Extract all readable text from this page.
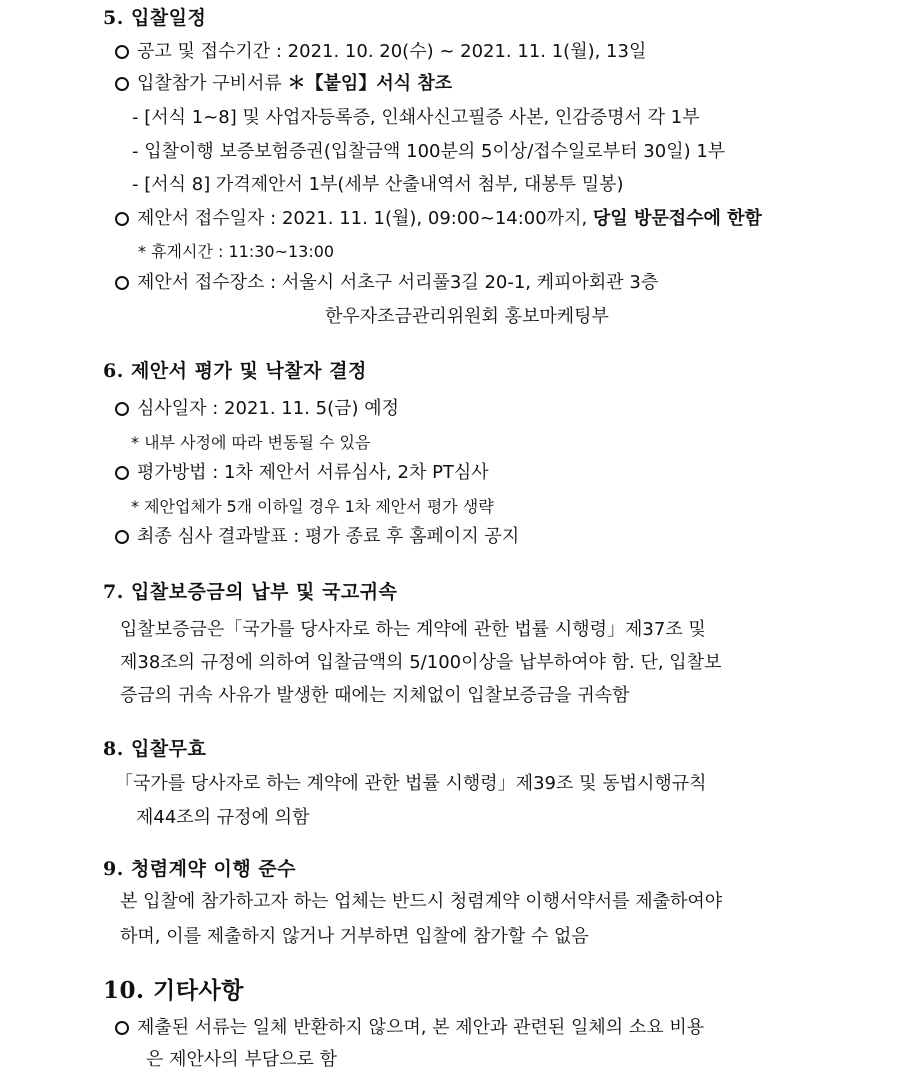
5. 입찰일정
공고 및 접수기간 : 2021. 10. 20(수) ~ 2021. 11. 1(월), 13일
입찰참가 구비서류 ＊【붙임】서식 참조
- [서식 1~8] 및 사업자등록증, 인쇄사신고필증 사본, 인감증명서 각 1부
- 입찰이행 보증보험증권(입찰금액 100분의 5이상/접수일로부터 30일) 1부
- [서식 8] 가격제안서 1부(세부 산출내역서 첨부, 대봉투 밀봉)
제안서 접수일자 : 2021. 11. 1(월), 09:00~14:00까지, 당일 방문접수에 한함
* 휴게시간 : 11:30~13:00
제안서 접수장소 : 서울시 서초구 서리풀3길 20-1, 케피아회관 3층
한우자조금관리위원회 홍보마케팅부
6. 제안서 평가 및 낙찰자 결정
심사일자 : 2021. 11. 5(금) 예정
* 내부 사정에 따라 변동될 수 있음
평가방법 : 1차 제안서 서류심사, 2차 PT심사
* 제안업체가 5개 이하일 경우 1차 제안서 평가 생략
최종 심사 결과발표 : 평가 종료 후 홈페이지 공지
7. 입찰보증금의 납부 및 국고귀속
입찰보증금은「국가를 당사자로 하는 계약에 관한 법률 시행령」제37조 및
제38조의 규정에 의하여 입찰금액의 5/100이상을 납부하여야 함. 단, 입찰보
증금의 귀속 사유가 발생한 때에는 지체없이 입찰보증금을 귀속함
8. 입찰무효
「국가를 당사자로 하는 계약에 관한 법률 시행령」제39조 및 동법시행규칙
제44조의 규정에 의함
9. 청렴계약 이행 준수
본 입찰에 참가하고자 하는 업체는 반드시 청렴계약 이행서약서를 제출하여야
하며, 이를 제출하지 않거나 거부하면 입찰에 참가할 수 없음
10. 기타사항
제출된 서류는 일체 반환하지 않으며, 본 제안과 관련된 일체의 소요 비용
은 제안사의 부담으로 함
